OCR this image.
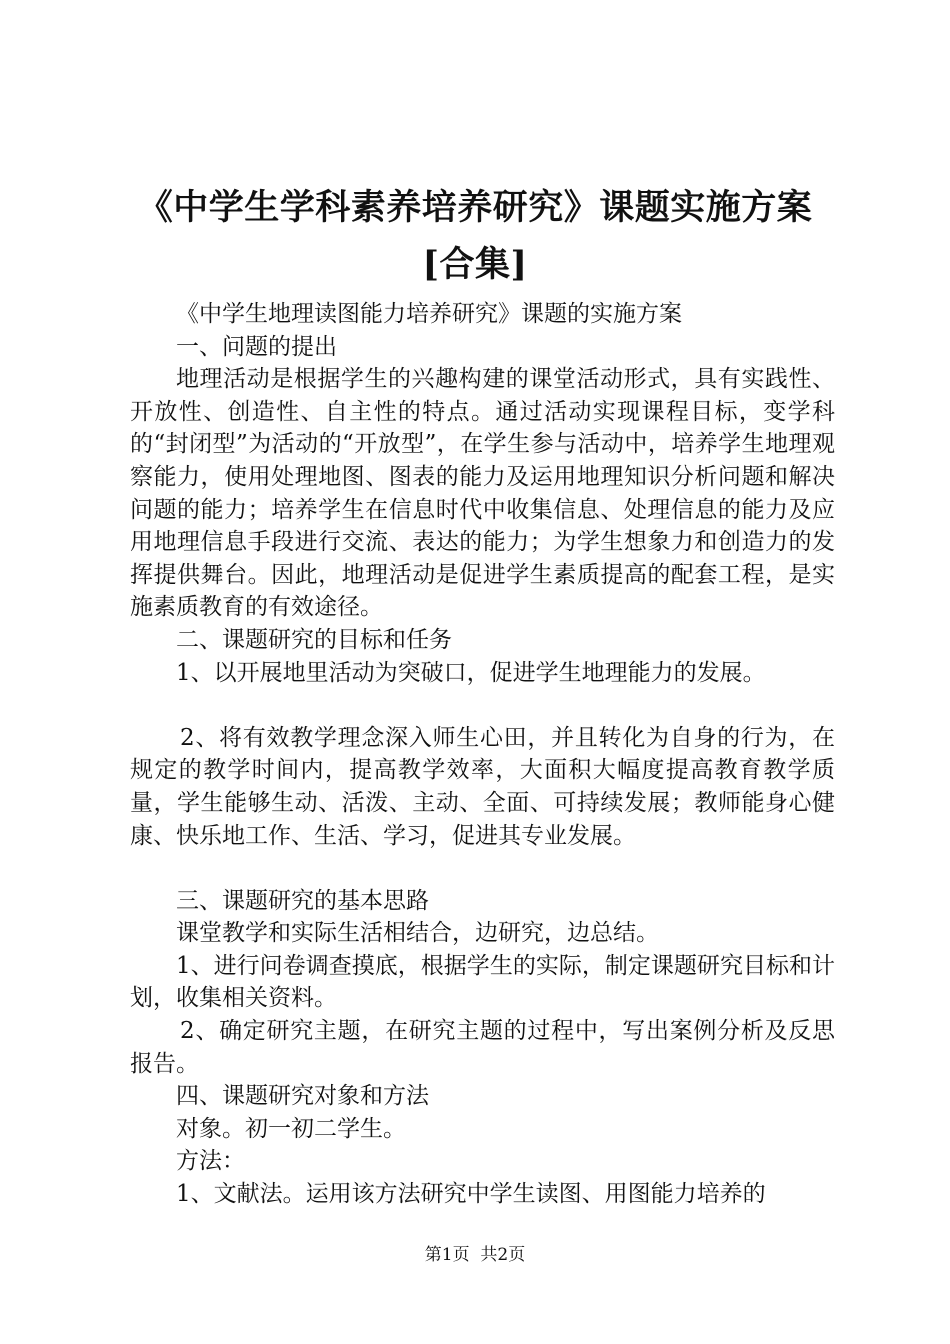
《中学生学科素养培养研究》课题实施方案
[合集]

《中学生地理读图能力培养研究》课题的实施方案

一、问题的提出

地理活动是根据学生的兴趣构建的课堂活动形式，具有实践性、开放性、创造性、自主性的特点。通过活动实现课程目标，变学科的“封闭型”为活动的“开放型”，在学生参与活动中，培养学生地理观察能力，使用处理地图、图表的能力及运用地理知识分析问题和解决问题的能力；培养学生在信息时代中收集信息、处理信息的能力及应用地理信息手段进行交流、表达的能力；为学生想象力和创造力的发挥提供舞台。因此，地理活动是促进学生素质提高的配套工程，是实施素质教育的有效途径。

二、课题研究的目标和任务

1、以开展地里活动为突破口，促进学生地理能力的发展。

2、将有效教学理念深入师生心田，并且转化为自身的行为，在规定的教学时间内，提高教学效率，大面积大幅度提高教育教学质量，学生能够生动、活泼、主动、全面、可持续发展；教师能身心健康、快乐地工作、生活、学习，促进其专业发展。

三、课题研究的基本思路

课堂教学和实际生活相结合，边研究，边总结。

1、进行问卷调查摸底，根据学生的实际，制定课题研究目标和计划，收集相关资料。

2、确定研究主题，在研究主题的过程中，写出案例分析及反思报告。

四、课题研究对象和方法

对象。初一初二学生。

方法：

1、文献法。运用该方法研究中学生读图、用图能力培养的

第1页  共2页
